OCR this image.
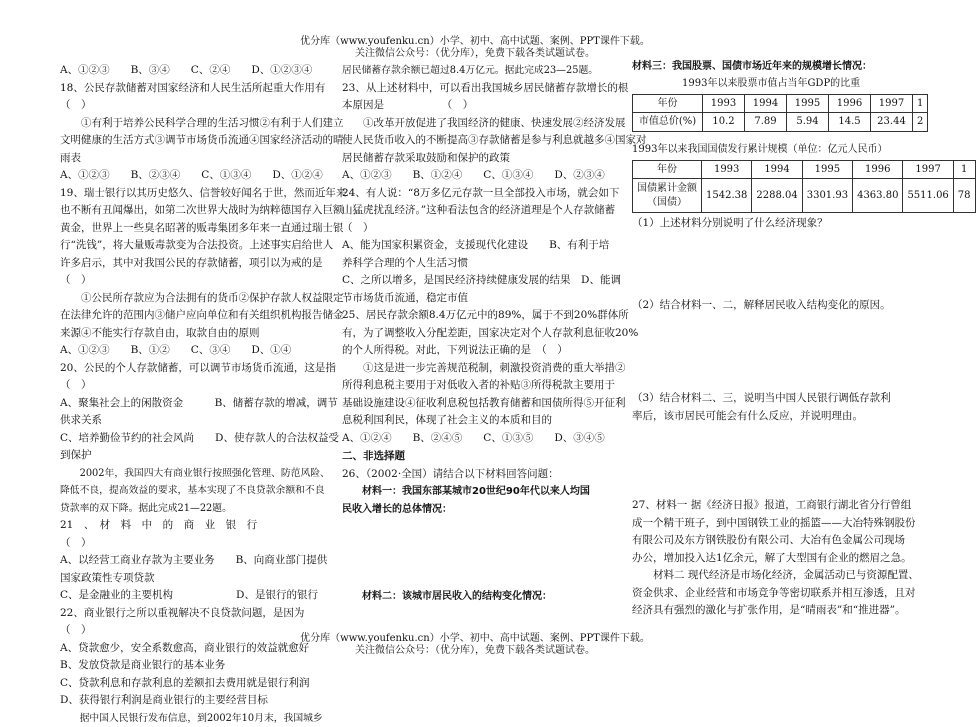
优分库（www.youfenku.cn）小学、初中、高中试题、案例、PPT课件下载。
关注微信公众号：（优分库），免费下载各类试题试卷。
A、①②③　　B、③④　　C、②④　　D、①②③④
18、公民存款储蓄对国家经济和人民生活所起重大作用有
（　）
①有利于培养公民科学合理的生活习惯②有利于人们建立
文明健康的生活方式③调节市场货币流通④国家经济活动的晴
雨表
A、①②③　　B、②③④　　C、①③④　　D、①②④
19、瑞士银行以其历史悠久、信誉较好闻名于世，然而近年来
也不断有丑闻爆出，如第二次世界大战时为纳粹德国存入巨额
黄金，世界上一些臭名昭著的贩毒集团多年来一直通过瑞士银
行“洗钱”，将大量贩毒款变为合法投资。上述事实启给世人
许多启示，其中对我国公民的存款储蓄，项引以为戒的是
（　）
①公民所存款应为合法拥有的货币②保护存款人权益限定
在法律允许的范围内③储户应向单位和有关组织机构报告储金
来源④不能实行存款自由，取款自由的原则
A、①②③　　B、①②　　C、③④　　D、①④
20、公民的个人存款储蓄，可以调节市场货币流通，这是指
（　）
A、聚集社会上的闲散资金　　　B、储蓄存款的增减，调节
供求关系
C、培养勤俭节约的社会风尚　　D、使存款人的合法权益受
到保护
2002年，我国四大有商业银行按照强化管理、防范风险、
降低不良，提高效益的要求，基本实现了不良贷款余额和不良
贷款率的双下降。据此完成21—22题。
21　、　材　料　中　的　商　业　银　行
（　）
A、以经营工商业存款为主要业务　　B、向商业部门提供
国家政策性专项贷款
C、是金融业的主要机构　　　　　　D、是银行的银行
22、商业银行之所以重视解决不良贷款问题，是因为
（　）
A、贷款愈少，安全系数愈高，商业银行的效益就愈好
B、发放贷款是商业银行的基本业务
C、贷款利息和存款利息的差额扣去费用就是银行利润
D、获得银行利润是商业银行的主要经营目标
据中国人民银行发布信息，到2002年10月末，我国城乡
居民储蓄存款余额已超过8.4万亿元。据此完成23—25题。
23、从上述材料中，可以看出我国城乡居民储蓄存款增长的根
本原因是　　　　　　（　）
①改革开放促进了我国经济的健康、快速发展②经济发展
使人民货币收入的不断提高③存款储蓄是参与利息就越多④国家对
居民储蓄存款采取鼓励和保护的政策
A、①②③　　B、①②④　　C、①③④　　D、②③④
24、有人说：“8万多亿元存款一旦全部投入市场，就会如下
山猛虎扰乱经济。”这种看法包含的经济道理是个人存款储蓄
（　）
A、能为国家积累资金，支援现代化建设　　B、有利于培
养科学合理的个人生活习惯
C、之所以增多，是国民经济持续健康发展的结果　D、能调
节市场货币流通，稳定市值
25、居民存款余额8.4万亿元中的89%，属于不到20%群体所
有，为了调整收入分配差距，国家决定对个人存款利息征收20%
的个人所得税。对此，下列说法正确的是　（　）
①这是进一步完善规范税制，刺激投资消费的重大举措②
所得利息税主要用于对低收入者的补贴③所得税款主要用于
基础设施建设④征收利息税包括教育储蓄和国债所得⑤开征利
息税利国利民，体现了社会主义的本质和目的
A、①②④　　B、②④⑤　　C、①③⑤　　D、③④⑤
二、非选择题
26、（2002·全国）请结合以下材料回答问题：
材料一：我国东部某城市20世纪90年代以来人均国
民收入增长的总体情况：
材料二：该城市居民收入的结构变化情况：
材料三：我国股票、国债市场近年来的规模增长情况：
1993年以来股票市值占当年GDP的比重
年份	1993	1994	1995	1996	1997	1
市值总价(%)	10.2	7.89	5.94	14.5	23.44	2
1993年以来我国国债发行累计规模（单位：亿元人民币）
年份	1993	1994	1995	1996	1997	1

国债累计金额
（国债）	1542.38	2288.04	3301.93	4363.80	5511.06	78
（1）上述材料分别说明了什么经济现象？
（2）结合材料一、二，解释居民收入结构变化的原因。
（3）结合材料二、三，说明当中国人民银行调低存款利
率后，该市居民可能会有什么反应，并说明理由。
27、材料一 据《经济日报》报道，工商银行湖北省分行曾组
成一个精干班子，到中国钢铁工业的摇篮——大冶特殊钢股份
有限公司及东方钢铁股份有限公司、大冶有色金属公司现场
办公，增加投入达1亿余元，解了大型国有企业的燃眉之急。
材料二 现代经济是市场化经济，金属活动已与资源配置、
资金供求、企业经营和市场竞争等密切联系并相互渗透，且对
经济具有强烈的激化与扩张作用，是“晴雨表”和“推进器”。
优分库（www.youfenku.cn）小学、初中、高中试题、案例、PPT课件下载。
关注微信公众号：（优分库），免费下载各类试题试卷。
